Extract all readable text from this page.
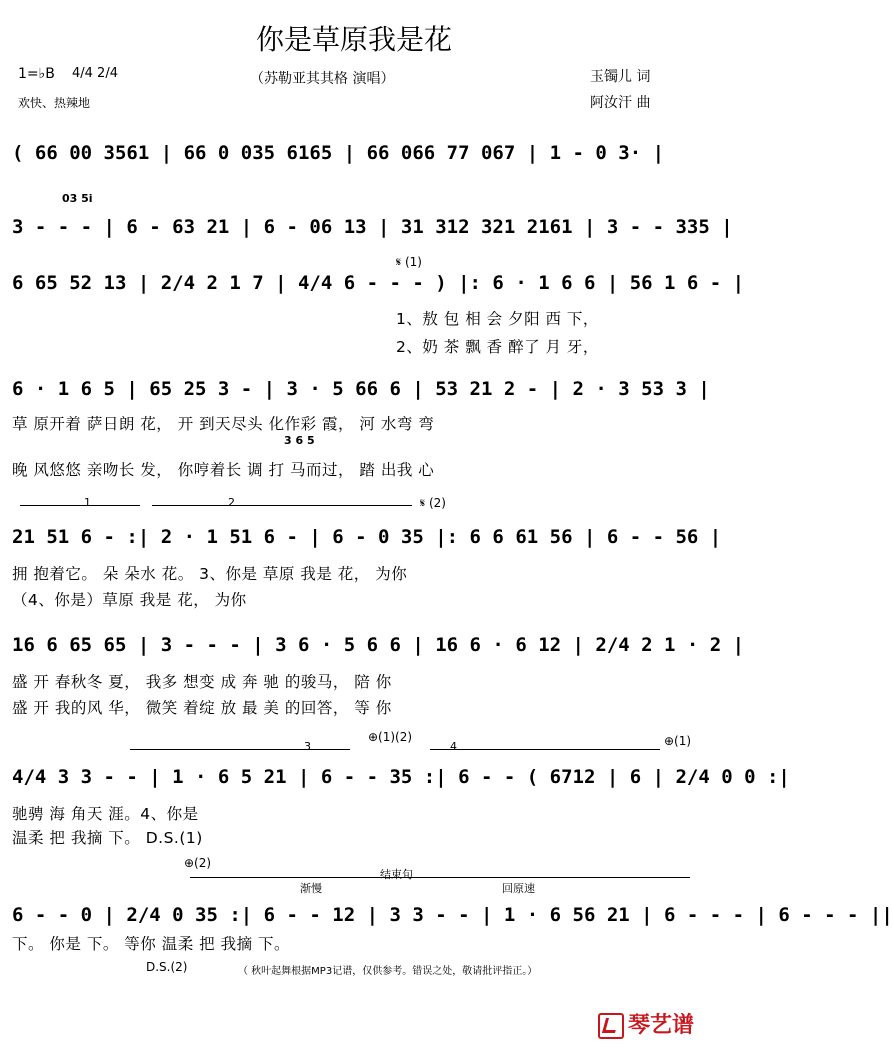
你是草原我是花
1=♭B 4/4 2/4
欢快、热辣地
（苏勒亚其其格 演唱）	玉镯儿 词
阿汝汗 曲
( 66 00 3561 | 66 0 035 6165 | 66 066 77 067 | 1 - 0 3· |
03 5i
3 - - - | 6 - 63 21 | 6 - 06 13 | 31 312 321 2161 | 3 - - 335 |
𝄋 (1)
6 65 52 13 | 2/4 2 1 7 | 4/4 6 - - - ) |: 6 · 1 6 6 | 56 1 6 - |
1、敖 包 相 会 夕阳 西 下，
2、奶 茶 飘 香 醉了 月 牙，
6 · 1 6 5 | 65 25 3 - | 3 · 5 66 6 | 53 21 2 - | 2 · 3 53 3 |
草 原开着 萨日朗 花， 开 到天尽头 化作彩 霞， 河 水弯 弯
3 6 5
晚 风悠悠 亲吻长 发， 你哼着长 调 打 马而过， 踏 出我 心
1	2	𝄋 (2)
21 51 6 - :| 2 · 1 51 6 - | 6 - 0 35 |: 6 6 61 56 | 6 - - 56 |
拥 抱着它。 朵 朵水 花。 3、你是 草原 我是 花， 为你
（4、你是）草原 我是 花， 为你
16 6 65 65 | 3 - - - | 3 6 · 5 6 6 | 16 6 · 6 12 | 2/4 2 1 · 2 |
盛 开 春秋冬 夏， 我多 想变 成 奔 驰 的骏马， 陪 你
盛 开 我的风 华， 微笑 着绽 放 最 美 的回答， 等 你
3
⊕(1)(2)
4	⊕(1)
4/4 3 3 - - | 1 · 6 5 21 | 6 - - 35 :| 6 - - ( 6712 | 6 | 2/4 0 0 :|
驰骋 海 角天 涯。4、你是
温柔 把 我摘 下。 D.S.(1)
⊕(2)
渐慢
结束句
回原速
6 - - 0 | 2/4 0 35 :| 6 - - 12 | 3 3 - - | 1 · 6 56 21 | 6 - - - | 6 - - - ||
下。 你是 下。 等你 温柔 把 我摘 下。
D.S.(2)	（ 秋叶起舞根据MP3记谱，仅供参考。错误之处，敬请批评指正。）
琴艺谱
